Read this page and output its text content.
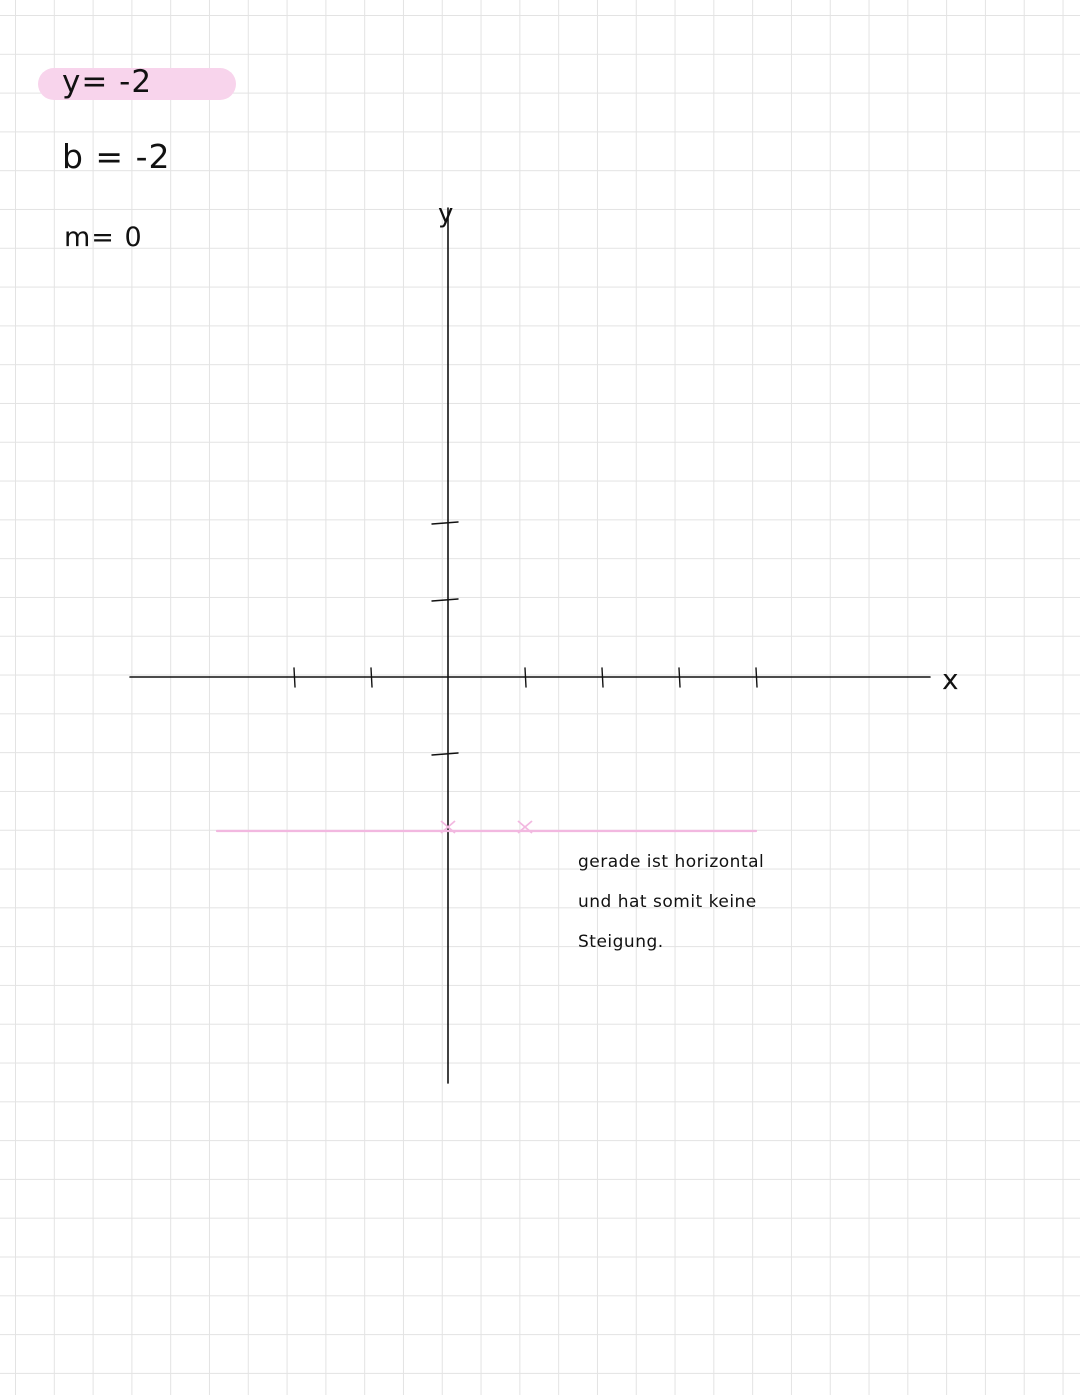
y= -2
b = -2
m= 0
x
y
gerade ist horizontal
und hat somit keine
Steigung.
